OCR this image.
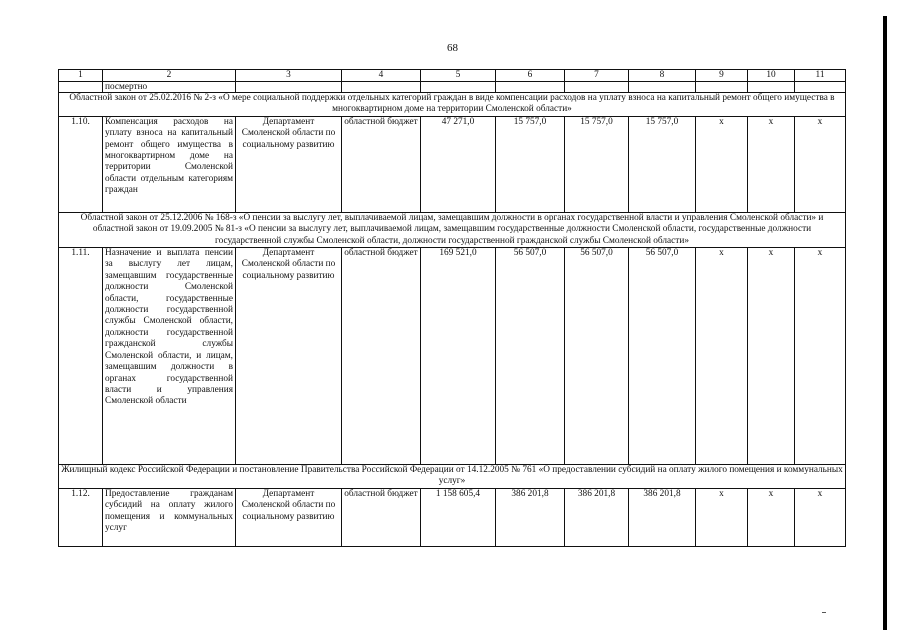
68
1	2	3	4	5	6	7	8	9	10	11
	посмертно									
Областной закон от 25.02.2016 № 2-з «О мере социальной поддержки отдельных категорий граждан в виде компенсации расходов на уплату взноса на капитальный ремонт общего имущества в многоквартирном доме на территории Смоленской области»										
1.10.	Компенсация расходов на уплату взноса на капитальный ремонт общего имущества в многоквартирном доме на территории Смоленской области отдельным категориям граждан	Департамент Смоленской области по социальному развитию	областной бюджет	47 271,0	15 757,0	15 757,0	15 757,0	x	x	x
Областной закон от 25.12.2006 № 168-з «О пенсии за выслугу лет, выплачиваемой лицам, замещавшим должности в органах государственной власти и управления Смоленской области» и областной закон от 19.09.2005 № 81-з «О пенсии за выслугу лет, выплачиваемой лицам, замещавшим государственные должности Смоленской области, государственные должности государственной службы Смоленской области, должности государственной гражданской службы Смоленской области»										
1.11.	Назначение и выплата пенсии за выслугу лет лицам, замещавшим государственные должности Смоленской области, государственные должности государственной службы Смоленской области, должности государственной гражданской службы Смоленской области, и лицам, замещавшим должности в органах государственной власти и управления Смоленской области	Департамент Смоленской области по социальному развитию	областной бюджет	169 521,0	56 507,0	56 507,0	56 507,0	x	x	x
Жилищный кодекс Российской Федерации и постановление Правительства Российской Федерации от 14.12.2005 № 761 «О предоставлении субсидий на оплату жилого помещения и коммунальных услуг»										
1.12.	Предоставление гражданам субсидий на оплату жилого помещения и коммунальных услуг	Департамент Смоленской области по социальному развитию	областной бюджет	1 158 605,4	386 201,8	386 201,8	386 201,8	x	x	x
